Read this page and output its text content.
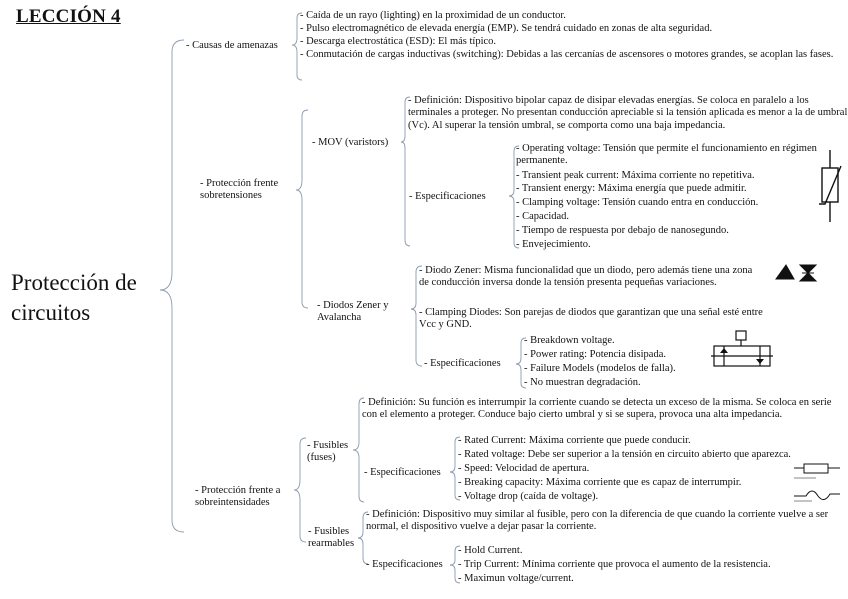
LECCIÓN 4
Protección de circuitos
- Causas de amenazas
- Caída de un rayo (lighting) en la proximidad de un conductor.
- Pulso electromagnético de elevada energía (EMP). Se tendrá cuidado en zonas de alta seguridad.
- Descarga electrostática (ESD): El más típico.
- Conmutación de cargas inductivas (switching): Debidas a las cercanías de ascensores o motores grandes, se acoplan las fases.
- Protección frente sobretensiones
- MOV (varistors)
- Definición: Dispositivo bipolar capaz de disipar elevadas energías. Se coloca en paralelo a los terminales a proteger. No presentan conducción apreciable si la tensión aplicada es menor a la de umbral (Vc). Al superar la tensión umbral, se comporta como una baja impedancia.
- Especificaciones
- Operating voltage: Tensión que permite el funcionamiento en régimen permanente.
- Transient peak current: Máxima corriente no repetitiva.
- Transient energy: Máxima energía que puede admitir.
- Clamping voltage: Tensión cuando entra en conducción.
- Capacidad.
- Tiempo de respuesta por debajo de nanosegundo.
- Envejecimiento.
- Diodos Zener y Avalancha
- Diodo Zener: Misma funcionalidad que un diodo, pero además tiene una zona de conducción inversa donde la tensión presenta pequeñas variaciones.
- Clamping Diodes: Son parejas de diodos que garantizan que una señal esté entre Vcc y GND.
- Especificaciones
- Breakdown voltage.
- Power rating: Potencia disipada.
- Failure Models (modelos de falla).
- No muestran degradación.
- Protección frente a sobreintensidades
- Fusibles (fuses)
- Definición: Su función es interrumpir la corriente cuando se detecta un exceso de la misma. Se coloca en serie con el elemento a proteger. Conduce bajo cierto umbral y si se supera, provoca una alta impedancia.
- Especificaciones
- Rated Current: Máxima corriente que puede conducir.
- Rated voltage: Debe ser superior a la tensión en circuito abierto que aparezca.
- Speed: Velocidad de apertura.
- Breaking capacity: Máxima corriente que es capaz de interrumpir.
- Voltage drop (caída de voltage).
- Fusibles rearmables
- Definición: Dispositivo muy similar al fusible, pero con la diferencia de que cuando la corriente vuelve a ser normal, el dispositivo vuelve a dejar pasar la corriente.
- Especificaciones
- Hold Current.
- Trip Current: Mínima corriente que provoca el aumento de la resistencia.
- Maximun voltage/current.
